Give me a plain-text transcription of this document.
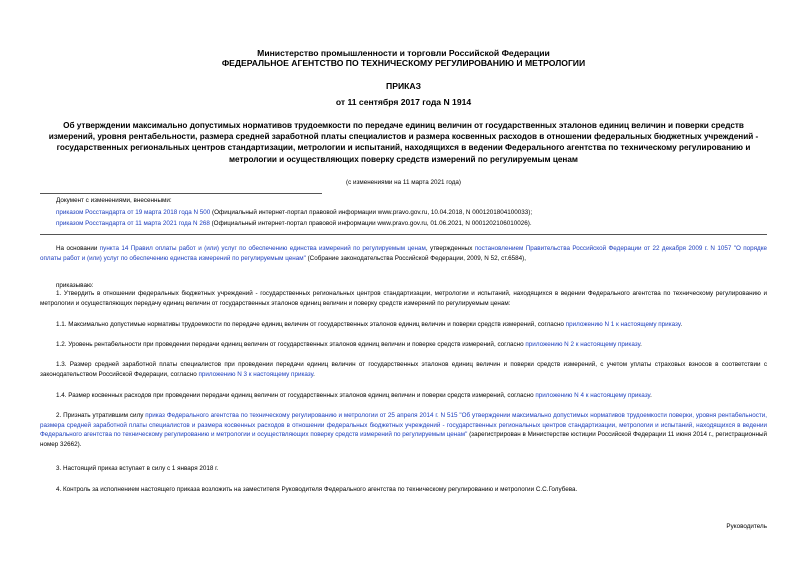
Министерство промышленности и торговли Российской Федерации
ФЕДЕРАЛЬНОЕ АГЕНТСТВО ПО ТЕХНИЧЕСКОМУ РЕГУЛИРОВАНИЮ И МЕТРОЛОГИИ
ПРИКАЗ
от 11 сентября 2017 года N 1914
Об утверждении максимально допустимых нормативов трудоемкости по передаче единиц величин от государственных эталонов единиц величин и поверки средств измерений, уровня рентабельности, размера средней заработной платы специалистов и размера косвенных расходов в отношении федеральных бюджетных учреждений - государственных региональных центров стандартизации, метрологии и испытаний, находящихся в ведении Федерального агентства по техническому регулированию и метрологии и осуществляющих поверку средств измерений по регулируемым ценам
(с изменениями на 11 марта 2021 года)
Документ с изменениями, внесенными:
приказом Росстандарта от 19 марта 2018 года N 500 (Официальный интернет-портал правовой информации www.pravo.gov.ru, 10.04.2018, N 0001201804100033);
приказом Росстандарта от 11 марта 2021 года N 268 (Официальный интернет-портал правовой информации www.pravo.gov.ru, 01.06.2021, N 0001202106010026).
На основании пункта 14 Правил оплаты работ и (или) услуг по обеспечению единства измерений по регулируемым ценам, утвержденных постановлением Правительства Российской Федерации от 22 декабря 2009 г. N 1057 "О порядке оплаты работ и (или) услуг по обеспечению единства измерений по регулируемым ценам" (Собрание законодательства Российской Федерации, 2009, N 52, ст.6584),
приказываю:
1. Утвердить в отношении федеральных бюджетных учреждений - государственных региональных центров стандартизации, метрологии и испытаний, находящихся в ведении Федерального агентства по техническому регулированию и метрологии и осуществляющих передачу единиц величин от государственных эталонов единиц величин и поверку средств измерений по регулируемым ценам:
1.1. Максимально допустимые нормативы трудоемкости по передаче единиц величин от государственных эталонов единиц величин и поверки средств измерений, согласно приложению N 1 к настоящему приказу.
1.2. Уровень рентабельности при проведении передачи единиц величин от государственных эталонов единиц величин и поверке средств измерений, согласно приложению N 2 к настоящему приказу.
1.3. Размер средней заработной платы специалистов при проведении передачи единиц величин от государственных эталонов единиц величин и поверки средств измерений, с учетом уплаты страховых взносов в соответствии с законодательством Российской Федерации, согласно приложению N 3 к настоящему приказу.
1.4. Размер косвенных расходов при проведении передачи единиц величин от государственных эталонов единиц величин и поверки средств измерений, согласно приложению N 4 к настоящему приказу.
2. Признать утратившим силу приказ Федерального агентства по техническому регулированию и метрологии от 25 апреля 2014 г. N 515 "Об утверждении максимально допустимых нормативов трудоемкости поверки, уровня рентабельности, размера средней заработной платы специалистов и размера косвенных расходов в отношении федеральных бюджетных учреждений - государственных региональных центров стандартизации, метрологии и испытаний, находящихся в ведении Федерального агентства по техническому регулированию и метрологии и осуществляющих поверку средств измерений по регулируемым ценам" (зарегистрирован в Министерстве юстиции Российской Федерации 11 июня 2014 г., регистрационный номер 32662).
3. Настоящий приказ вступает в силу с 1 января 2018 г.
4. Контроль за исполнением настоящего приказа возложить на заместителя Руководителя Федерального агентства по техническому регулированию и метрологии С.С.Голубева.
Руководитель
